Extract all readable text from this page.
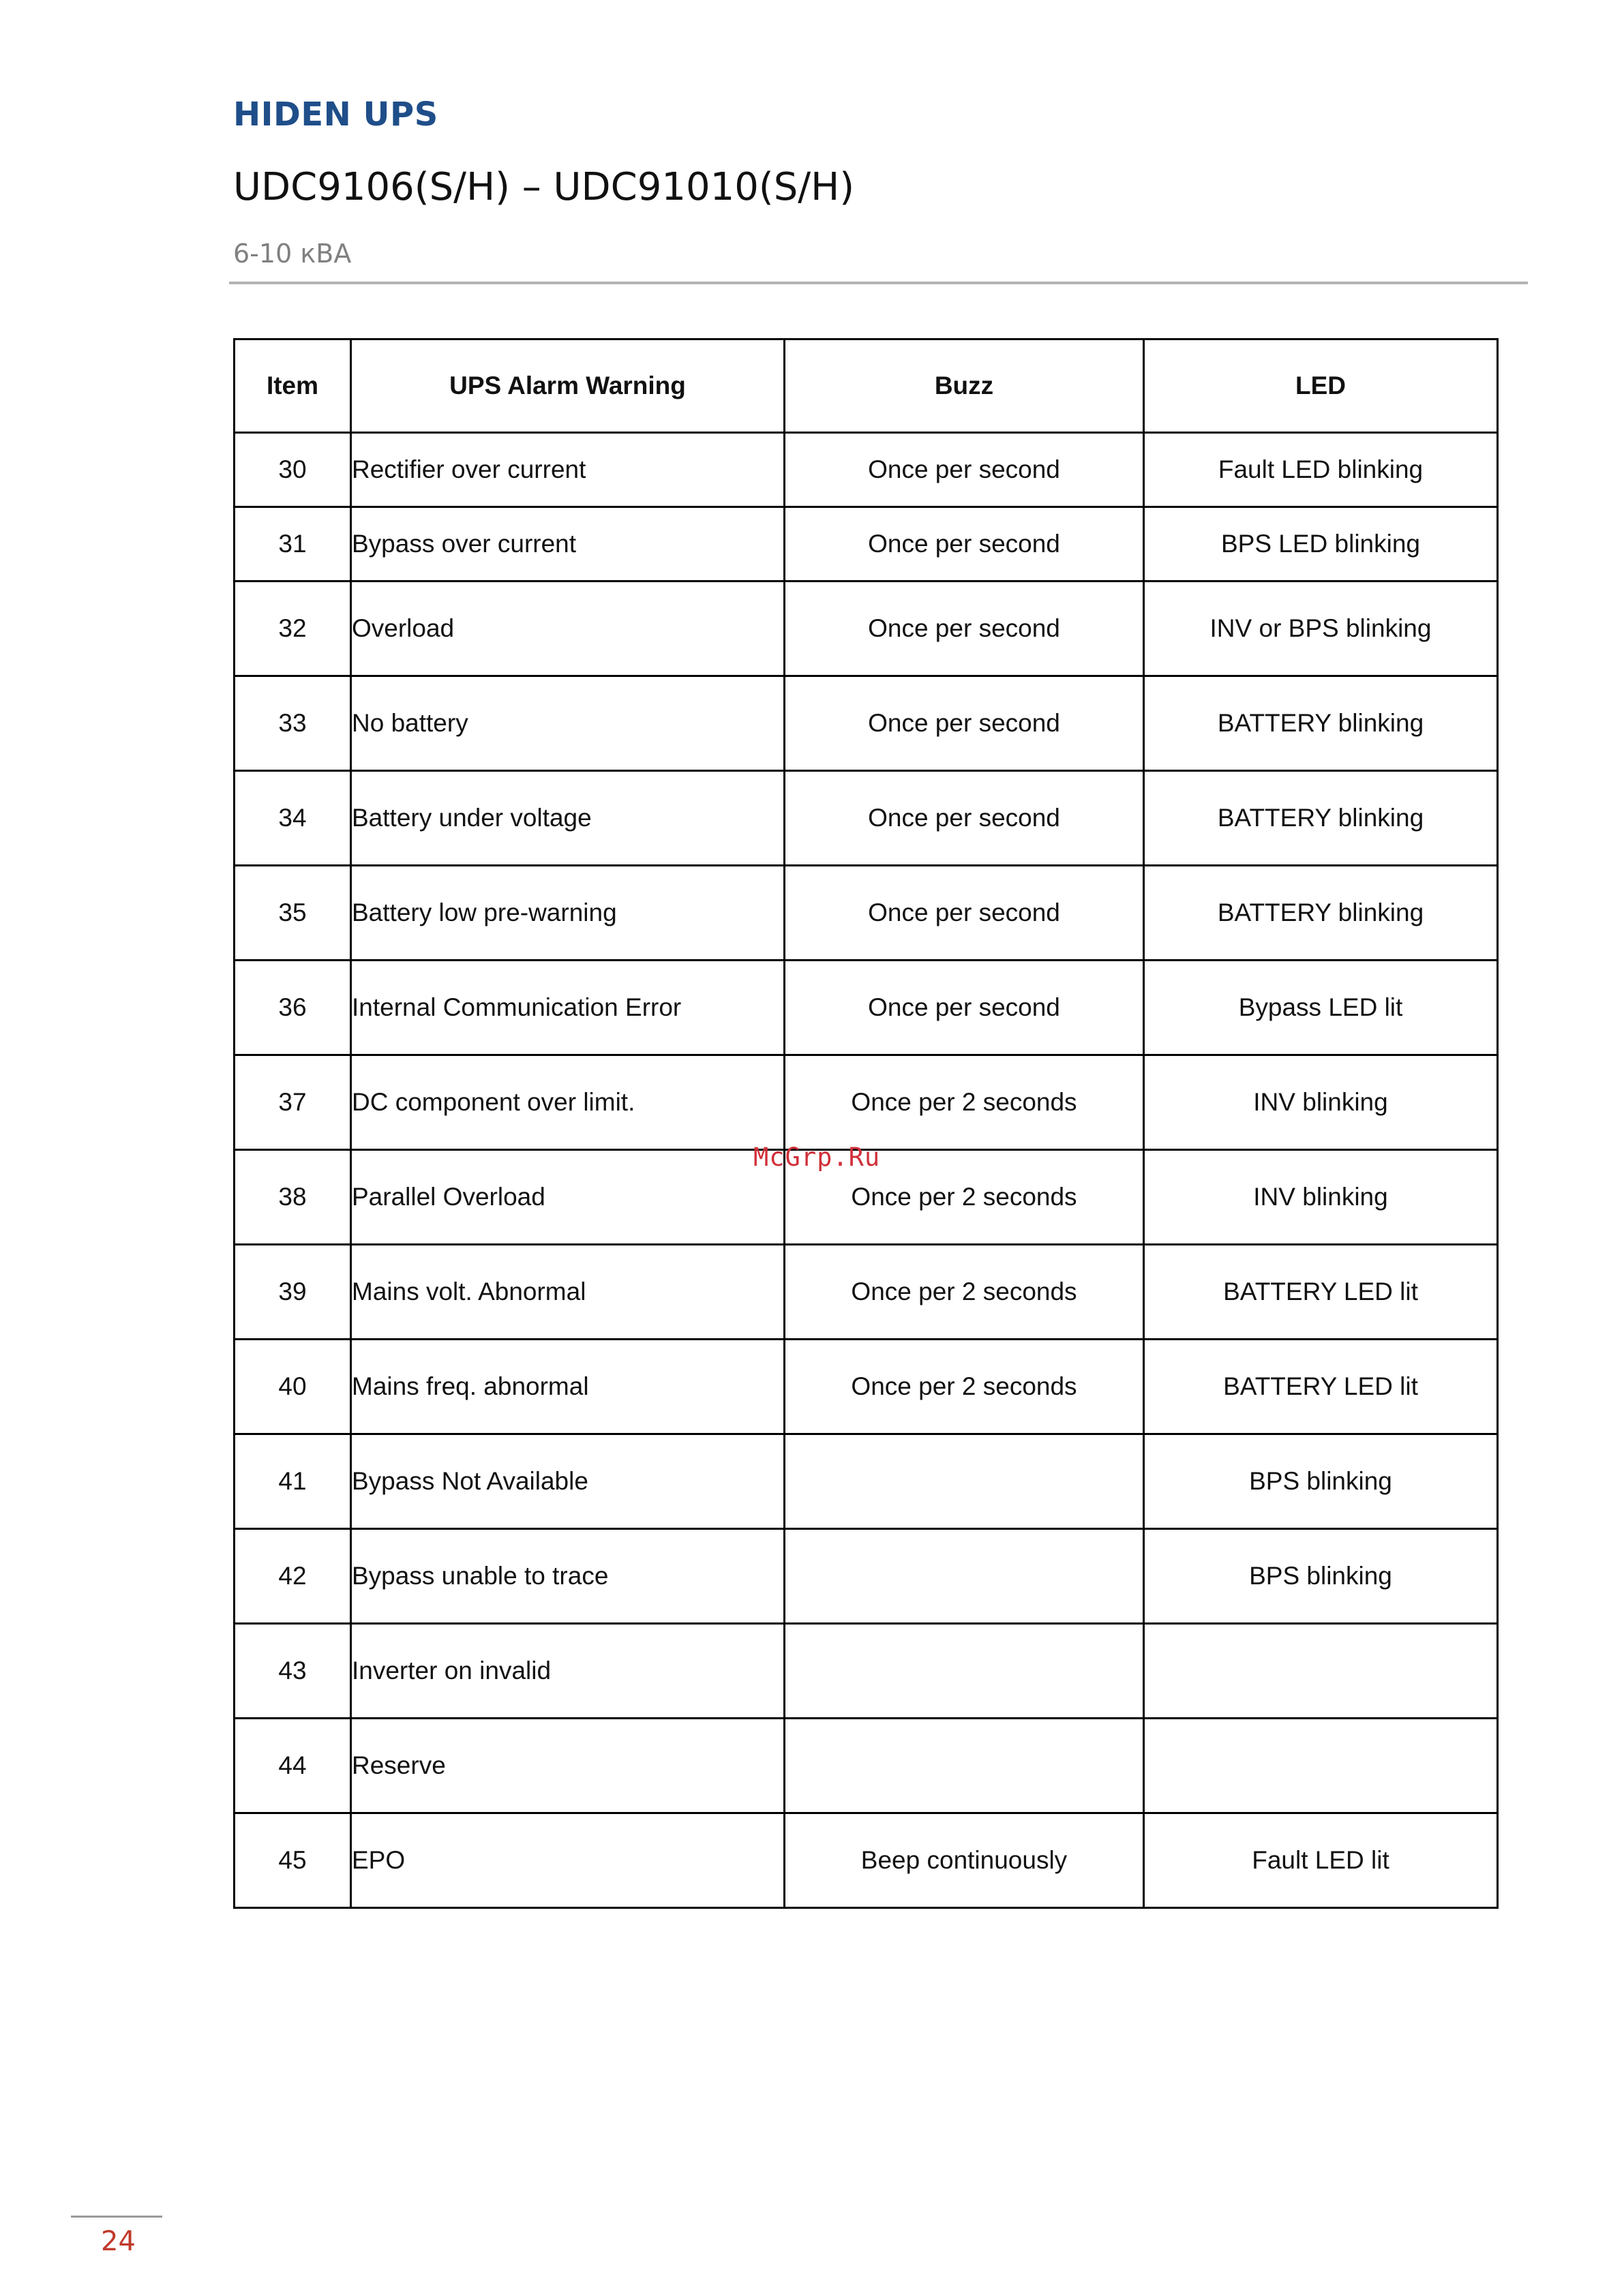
HIDEN UPS
UDC9106(S/H) – UDC91010(S/H)
6-10 кВА
Item	UPS Alarm Warning	Buzz	LED
30	Rectifier over current	Once per second	Fault LED blinking
31	Bypass over current	Once per second	BPS LED blinking
32	Overload	Once per second	INV or BPS blinking
33	No battery	Once per second	BATTERY blinking
34	Battery under voltage	Once per second	BATTERY blinking
35	Battery low pre-warning	Once per second	BATTERY blinking
36	Internal Communication Error	Once per second	Bypass LED lit
37	DC component over limit.	Once per 2 seconds	INV blinking
38	Parallel Overload	Once per 2 seconds	INV blinking
39	Mains volt. Abnormal	Once per 2 seconds	BATTERY LED lit
40	Mains freq. abnormal	Once per 2 seconds	BATTERY LED lit
41	Bypass Not Available		BPS blinking
42	Bypass unable to trace		BPS blinking
43	Inverter on invalid		
44	Reserve		
45	EPO	Beep continuously	Fault LED lit
McGrp.Ru
24
